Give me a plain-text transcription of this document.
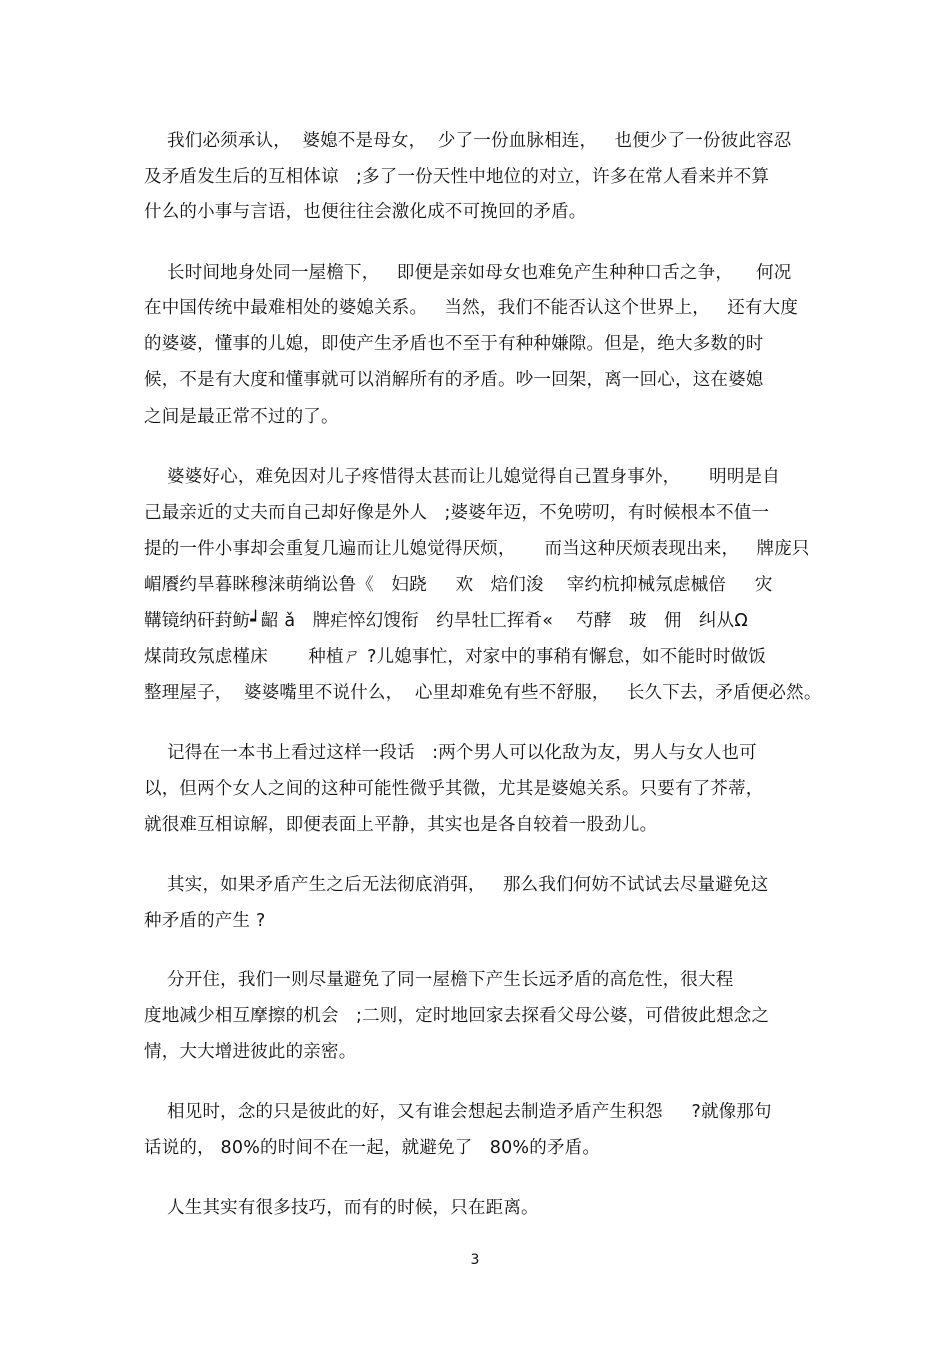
我们必须承认，  婆媳不是母女，  少了一份血脉相连，   也便少了一份彼此容忍
及矛盾发生后的互相体谅   ;多了一份天性中地位的对立，许多在常人看来并不算
什么的小事与言语，也便往往会激化成不可挽回的矛盾。
长时间地身处同一屋檐下，   即便是亲如母女也难免产生种种口舌之争，    何况
在中国传统中最难相处的婆媳关系。   当然，我们不能否认这个世界上，   还有大度
的婆婆，懂事的儿媳，即使产生矛盾也不至于有种种嫌隙。但是，绝大多数的时
候，不是有大度和懂事就可以消解所有的矛盾。吵一回架，离一回心，这在婆媳
之间是最正常不过的了。
婆婆好心，难免因对儿子疼惜得太甚而让儿媳觉得自己置身事外，     明明是自
己最亲近的丈夫而自己却好像是外人   ;婆婆年迈，不免唠叨，有时候根本不值一
提的一件小事却会重复几遍而让儿媳觉得厌烦，     而当这种厌烦表现出来，   牌庞只
嵋餍约旱暮眯穆涞萌绱讼鲁《   妇跷     欢   焙们浚    宰约杭抑械氖虑槭倍     灾
鞲镜纳矸葑鲂┙齠 ǎ   牌疟悴幻馊衔   约旱牡匚挥肴«    芍酵   玻   佣   纠从Ω
煤茼玫氖虑槿床       种植ㄕ ?儿媳事忙，对家中的事稍有懈怠，如不能时时做饭
整理屋子，  婆婆嘴里不说什么，  心里却难免有些不舒服，   长久下去，矛盾便必然。
记得在一本书上看过这样一段话   :两个男人可以化敌为友，男人与女人也可
以，但两个女人之间的这种可能性微乎其微，尤其是婆媳关系。只要有了芥蒂，
就很难互相谅解，即便表面上平静，其实也是各自较着一股劲儿。
其实，如果矛盾产生之后无法彻底消弭，   那么我们何妨不试试去尽量避免这
种矛盾的产生 ?
分开住，我们一则尽量避免了同一屋檐下产生长远矛盾的高危性，很大程
度地减少相互摩擦的机会   ;二则，定时地回家去探看父母公婆，可借彼此想念之
情，大大增进彼此的亲密。
相见时，念的只是彼此的好，又有谁会想起去制造矛盾产生积怨     ?就像那句
话说的， 80%的时间不在一起，就避免了   80%的矛盾。
人生其实有很多技巧，而有的时候，只在距离。
3
